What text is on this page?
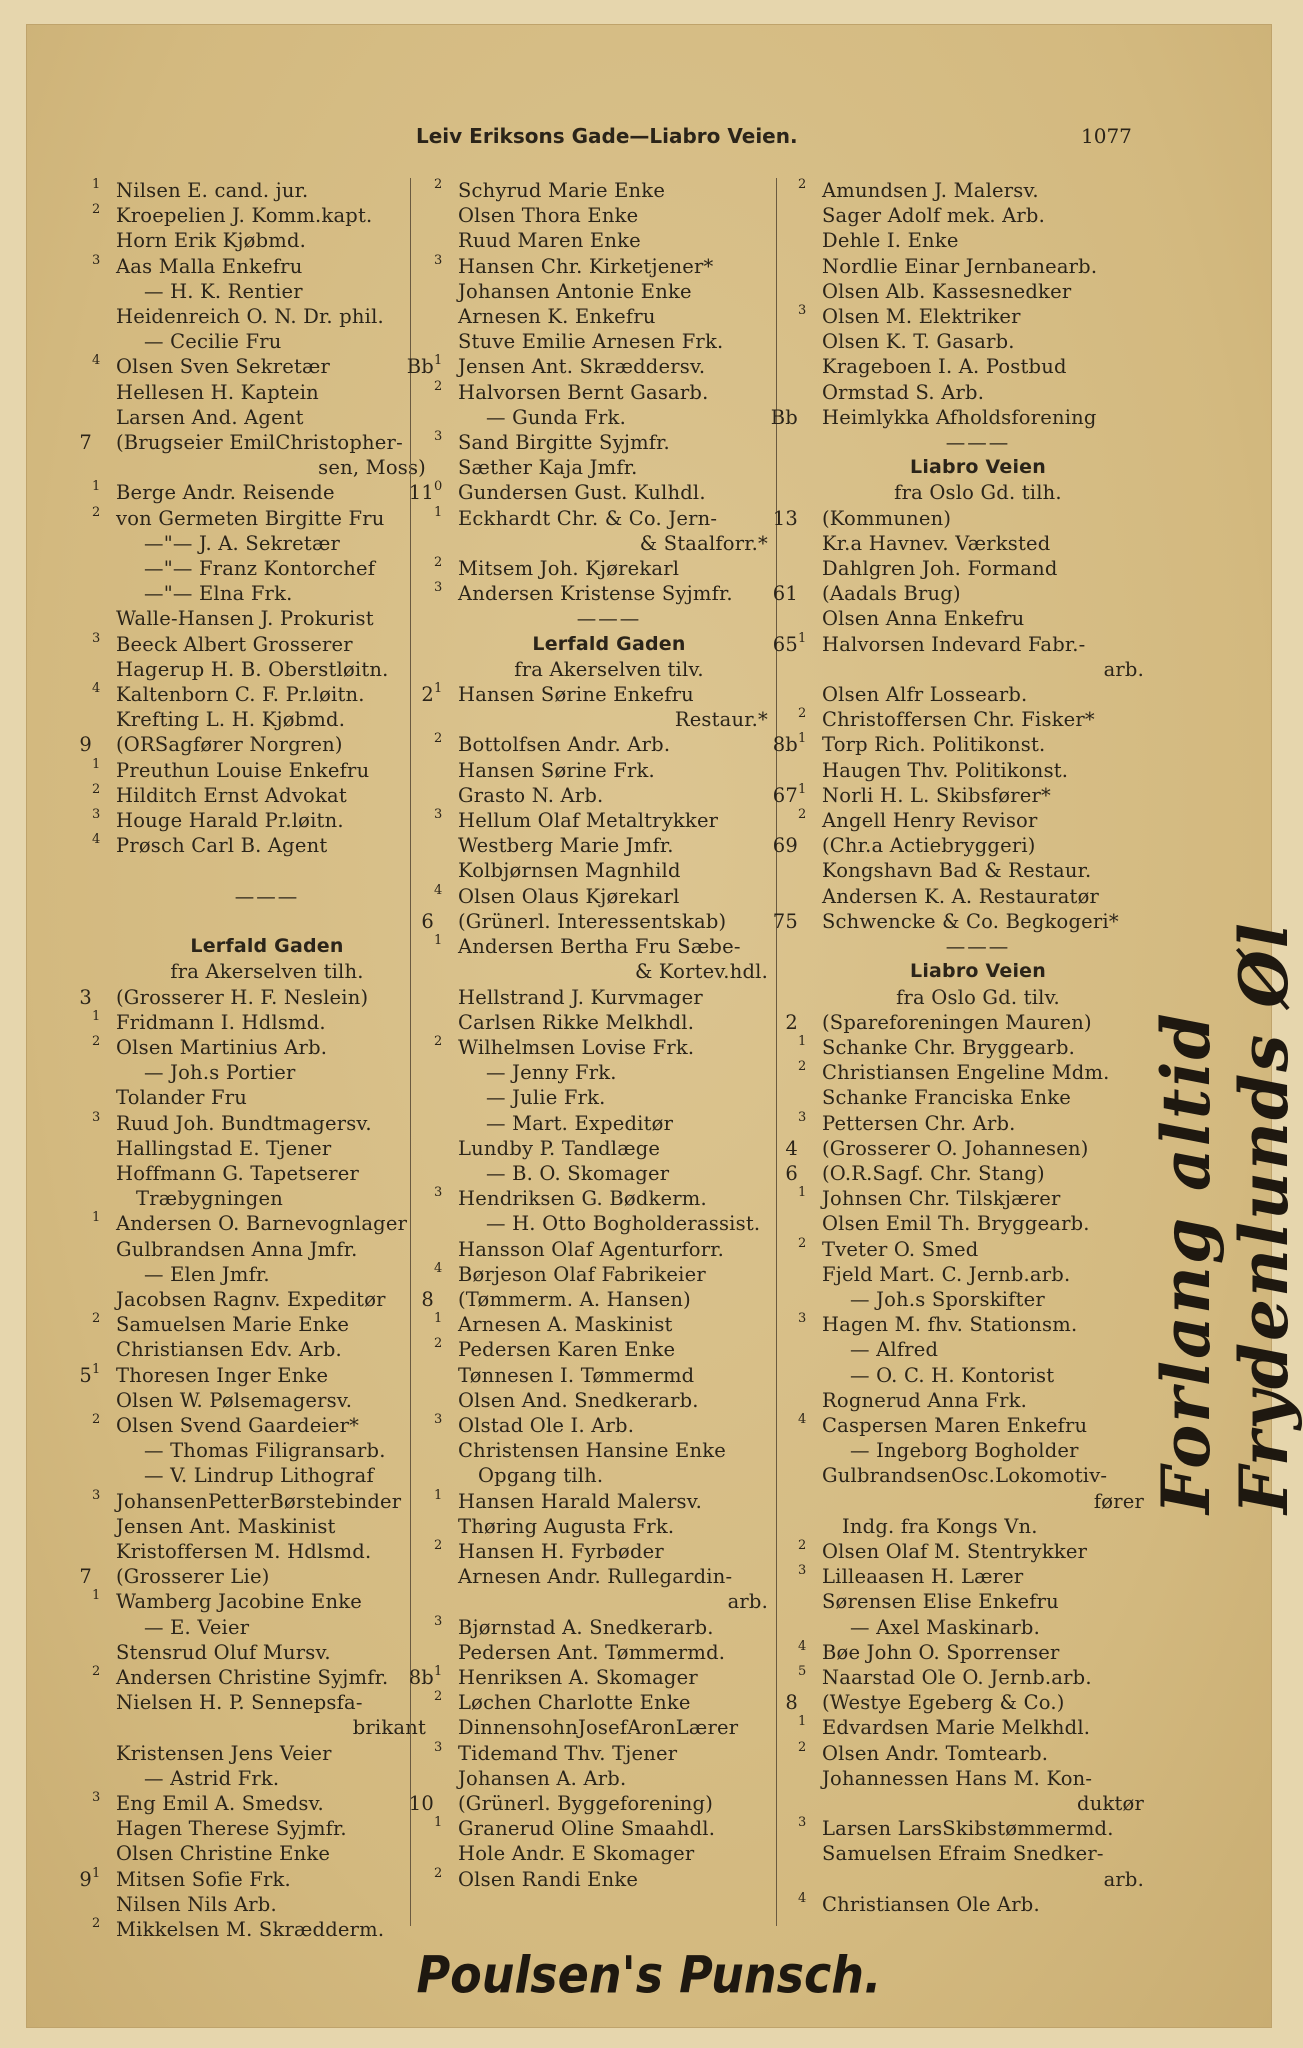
Leiv Eriksons Gade—Liabro Veien.	1077
1 Nilsen E. cand. jur.
2 Kroepelien J. Komm.kapt.
Horn Erik Kjøbmd.
3 Aas Malla Enkefru
— H. K. Rentier
Heidenreich O. N. Dr. phil.
— Cecilie Fru
4 Olsen Sven Sekretær
Hellesen H. Kaptein
Larsen And. Agent
7 (Brugseier EmilChristopher-
sen, Moss)
1 Berge Andr. Reisende
2 von Germeten Birgitte Fru
—"— J. A. Sekretær
—"— Franz Kontorchef
—"— Elna Frk.
Walle-Hansen J. Prokurist
3 Beeck Albert Grosserer
Hagerup H. B. Oberstløitn.
4 Kaltenborn C. F. Pr.løitn.
Krefting L. H. Kjøbmd.
9 (ORSagfører Norgren)
1 Preuthun Louise Enkefru
2 Hilditch Ernst Advokat
3 Houge Harald Pr.løitn.
4 Prøsch Carl B. Agent

———

Lerfald Gaden
fra Akerselven tilh.
3 (Grosserer H. F. Neslein)
1 Fridmann I. Hdlsmd.
2 Olsen Martinius Arb.
— Joh.s Portier
Tolander Fru
3 Ruud Joh. Bundtmagersv.
Hallingstad E. Tjener
Hoffmann G. Tapetserer
Træbygningen
1 Andersen O. Barnevognlager
Gulbrandsen Anna Jmfr.
— Elen Jmfr.
Jacobsen Ragnv. Expeditør
2 Samuelsen Marie Enke
Christiansen Edv. Arb.
5 1 Thoresen Inger Enke
Olsen W. Pølsemagersv.
2 Olsen Svend Gaardeier*
— Thomas Filigransarb.
— V. Lindrup Lithograf
3 JohansenPetterBørstebinder
Jensen Ant. Maskinist
Kristoffersen M. Hdlsmd.
7 (Grosserer Lie)
1 Wamberg Jacobine Enke
— E. Veier
Stensrud Oluf Mursv.
2 Andersen Christine Syjmfr.
Nielsen H. P. Sennepsfa-
brikant
Kristensen Jens Veier
— Astrid Frk.
3 Eng Emil A. Smedsv.
Hagen Therese Syjmfr.
Olsen Christine Enke
9 1 Mitsen Sofie Frk.
Nilsen Nils Arb.
2 Mikkelsen M. Skrædderm.
2 Schyrud Marie Enke
Olsen Thora Enke
Ruud Maren Enke
3 Hansen Chr. Kirketjener*
Johansen Antonie Enke
Arnesen K. Enkefru
Stuve Emilie Arnesen Frk.
Bb 1 Jensen Ant. Skræddersv.
2 Halvorsen Bernt Gasarb.
— Gunda Frk.
3 Sand Birgitte Syjmfr.
Sæther Kaja Jmfr.
11 0 Gundersen Gust. Kulhdl.
1 Eckhardt Chr. & Co. Jern-
& Staalforr.*
2 Mitsem Joh. Kjørekarl
3 Andersen Kristense Syjmfr.
———
Lerfald Gaden
fra Akerselven tilv.
2 1 Hansen Sørine Enkefru
Restaur.*
2 Bottolfsen Andr. Arb.
Hansen Sørine Frk.
Grasto N. Arb.
3 Hellum Olaf Metaltrykker
Westberg Marie Jmfr.
Kolbjørnsen Magnhild
4 Olsen Olaus Kjørekarl
6 (Grünerl. Interessentskab)
1 Andersen Bertha Fru Sæbe-
& Kortev.hdl.
Hellstrand J. Kurvmager
Carlsen Rikke Melkhdl.
2 Wilhelmsen Lovise Frk.
— Jenny Frk.
— Julie Frk.
— Mart. Expeditør
Lundby P. Tandlæge
— B. O. Skomager
3 Hendriksen G. Bødkerm.
— H. Otto Bogholderassist.
Hansson Olaf Agenturforr.
4 Børjeson Olaf Fabrikeier
8 (Tømmerm. A. Hansen)
1 Arnesen A. Maskinist
2 Pedersen Karen Enke
Tønnesen I. Tømmermd
Olsen And. Snedkerarb.
3 Olstad Ole I. Arb.
Christensen Hansine Enke
Opgang tilh.
1 Hansen Harald Malersv.
Thøring Augusta Frk.
2 Hansen H. Fyrbøder
Arnesen Andr. Rullegardin-
arb.
3 Bjørnstad A. Snedkerarb.
Pedersen Ant. Tømmermd.
8b 1 Henriksen A. Skomager
2 Løchen Charlotte Enke
DinnensohnJosefAronLærer
3 Tidemand Thv. Tjener
Johansen A. Arb.
10 (Grünerl. Byggeforening)
1 Granerud Oline Smaahdl.
Hole Andr. E Skomager
2 Olsen Randi Enke
2 Amundsen J. Malersv.
Sager Adolf mek. Arb.
Dehle I. Enke
Nordlie Einar Jernbanearb.
Olsen Alb. Kassesnedker
3 Olsen M. Elektriker
Olsen K. T. Gasarb.
Krageboen I. A. Postbud
Ormstad S. Arb.
Bb Heimlykka Afholdsforening
———
Liabro Veien
fra Oslo Gd. tilh.
13 (Kommunen)
Kr.a Havnev. Værksted
Dahlgren Joh. Formand
61 (Aadals Brug)
Olsen Anna Enkefru
65 1 Halvorsen Indevard Fabr.-
arb.
Olsen Alfr Lossearb.
2 Christoffersen Chr. Fisker*
8b 1 Torp Rich. Politikonst.
Haugen Thv. Politikonst.
67 1 Norli H. L. Skibsfører*
2 Angell Henry Revisor
69 (Chr.a Actiebryggeri)
Kongshavn Bad & Restaur.
Andersen K. A. Restauratør
75 Schwencke & Co. Begkogeri*
———
Liabro Veien
fra Oslo Gd. tilv.
2 (Spareforeningen Mauren)
1 Schanke Chr. Bryggearb.
2 Christiansen Engeline Mdm.
Schanke Franciska Enke
3 Pettersen Chr. Arb.
4 (Grosserer O. Johannesen)
6 (O.R.Sagf. Chr. Stang)
1 Johnsen Chr. Tilskjærer
Olsen Emil Th. Bryggearb.
2 Tveter O. Smed
Fjeld Mart. C. Jernb.arb.
— Joh.s Sporskifter
3 Hagen M. fhv. Stationsm.
— Alfred
— O. C. H. Kontorist
Rognerud Anna Frk.
4 Caspersen Maren Enkefru
— Ingeborg Bogholder
GulbrandsenOsc.Lokomotiv-
fører
Indg. fra Kongs Vn.
2 Olsen Olaf M. Stentrykker
3 Lilleaasen H. Lærer
Sørensen Elise Enkefru
— Axel Maskinarb.
4 Bøe John O. Sporrenser
5 Naarstad Ole O. Jernb.arb.
8 (Westye Egeberg & Co.)
1 Edvardsen Marie Melkhdl.
2 Olsen Andr. Tomtearb.
Johannessen Hans M. Kon-
duktør
3 Larsen LarsSkibstømmermd.
Samuelsen Efraim Snedker-
arb.
4 Christiansen Ole Arb.
Forlang altid Frydenlunds Øl
Poulsen's Punsch.
